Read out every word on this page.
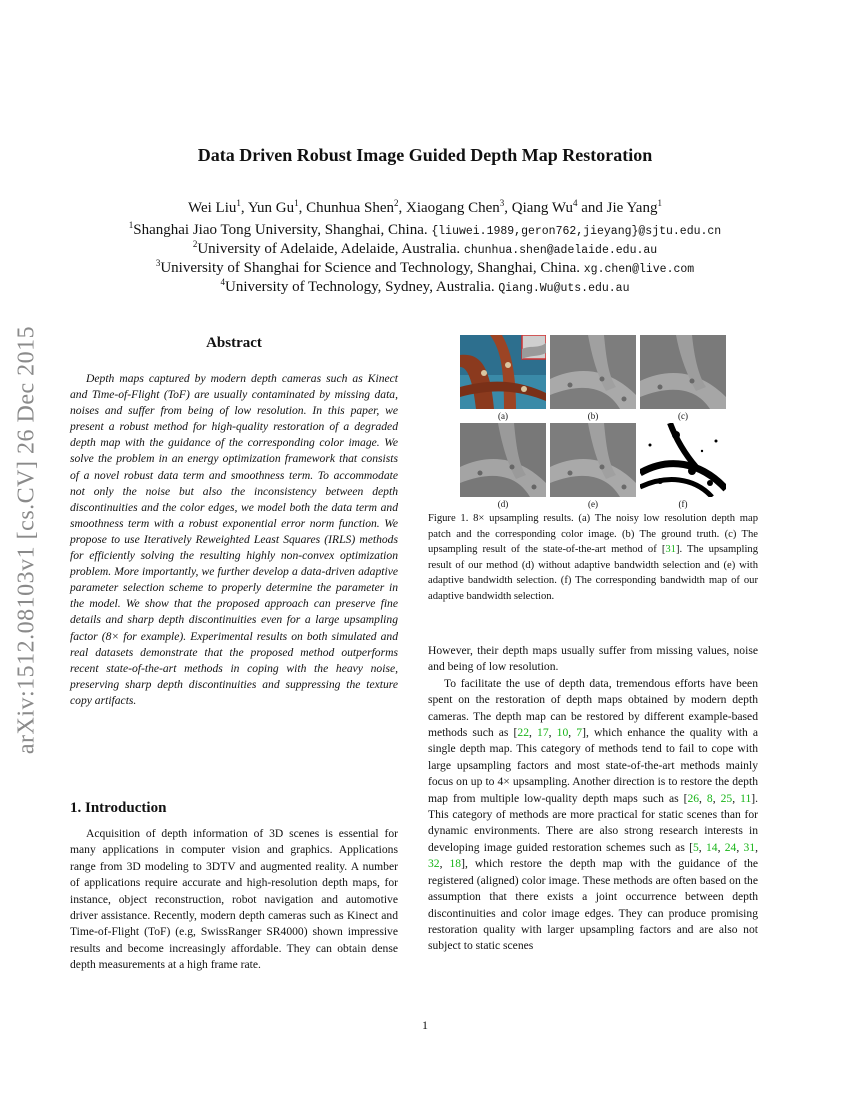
arXiv:1512.08103v1 [cs.CV] 26 Dec 2015
Data Driven Robust Image Guided Depth Map Restoration
Wei Liu$^1$, Yun Gu$^1$, Chunhua Shen$^2$, Xiaogang Chen$^3$, Qiang Wu$^4$ and Jie Yang$^1$
$^1$Shanghai Jiao Tong University, Shanghai, China. {liuwei.1989,geron762,jieyang}@sjtu.edu.cn
$^2$University of Adelaide, Adelaide, Australia. chunhua.shen@adelaide.edu.au
$^3$University of Shanghai for Science and Technology, Shanghai, China. xg.chen@live.com
$^4$University of Technology, Sydney, Australia. Qiang.Wu@uts.edu.au
Abstract
Depth maps captured by modern depth cameras such as Kinect and Time-of-Flight (ToF) are usually contaminated by missing data, noises and suffer from being of low resolution. In this paper, we present a robust method for high-quality restoration of a degraded depth map with the guidance of the corresponding color image. We solve the problem in an energy optimization framework that consists of a novel robust data term and smoothness term. To accommodate not only the noise but also the inconsistency between depth discontinuities and the color edges, we model both the data term and smoothness term with a robust exponential error norm function. We propose to use Iteratively Reweighted Least Squares (IRLS) methods for efficiently solving the resulting highly non-convex optimization problem. More importantly, we further develop a data-driven adaptive parameter selection scheme to properly determine the parameter in the model. We show that the proposed approach can preserve fine details and sharp depth discontinuities even for a large upsampling factor (8× for example). Experimental results on both simulated and real datasets demonstrate that the proposed method outperforms recent state-of-the-art methods in coping with the heavy noise, preserving sharp depth discontinuities and suppressing the texture copy artifacts.
1. Introduction
Acquisition of depth information of 3D scenes is essential for many applications in computer vision and graphics. Applications range from 3D modeling to 3DTV and augmented reality. A number of applications require accurate and high-resolution depth maps, for instance, object reconstruction, robot navigation and automotive driver assistance. Recently, modern depth cameras such as Kinect and Time-of-Flight (ToF) (e.g, SwissRanger SR4000) shown impressive results and become increasingly affordable. They can obtain dense depth measurements at a high frame rate.
(a)	(b)	(c)
(d)	(e)	(f)
Figure 1. 8× upsampling results. (a) The noisy low resolution depth map patch and the corresponding color image. (b) The ground truth. (c) The upsampling result of the state-of-the-art method of [31]. The upsampling result of our method (d) without adaptive bandwidth selection and (e) with adaptive bandwidth selection. (f) The corresponding bandwidth map of our adaptive bandwidth selection.

However, their depth maps usually suffer from missing values, noise and being of low resolution.

To facilitate the use of depth data, tremendous efforts have been spent on the restoration of depth maps obtained by modern depth cameras. The depth map can be restored by different example-based methods such as [22, 17, 10, 7], which enhance the quality with a single depth map. This category of methods tend to fail to cope with large upsampling factors and most state-of-the-art methods mainly focus on up to 4× upsampling. Another direction is to restore the depth map from multiple low-quality depth maps such as [26, 8, 25, 11]. This category of methods are more practical for static scenes than for dynamic environments. There are also strong research interests in developing image guided restoration schemes such as [5, 14, 24, 31, 32, 18], which restore the depth map with the guidance of the registered (aligned) color image. These methods are often based on the assumption that there exists a joint occurrence between depth discontinuities and color image edges. They can produce promising restoration quality with larger upsampling factors and are also not subject to static scenes

1
